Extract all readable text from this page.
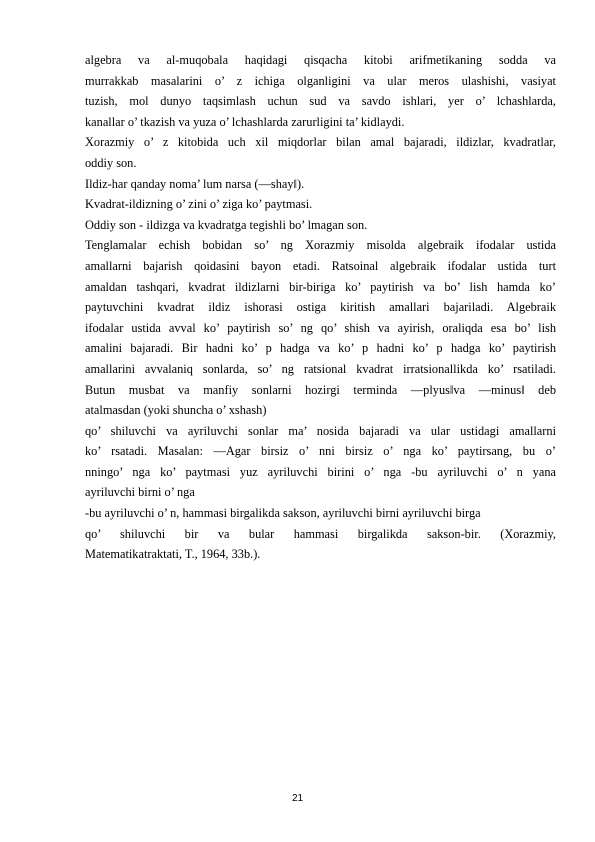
algebra va al-muqobala haqidagi qisqacha kitobi arifmetikaning sodda va
murrakkab masalarini o’ z ichiga olganligini va ular meros ulashishi, vasiyat
tuzish, mol dunyo taqsimlash uchun sud va savdo ishlari, yer o’ lchashlarda,
kanallar o’ tkazish va yuza o’ lchashlarda zarurligini ta’ kidlaydi.
Xorazmiy o’ z kitobida uch xil miqdorlar bilan amal bajaradi, ildizlar, kvadratlar,
oddiy son.
Ildiz-har qanday noma’ lum narsa (―shay‖).
Kvadrat-ildizning o’ zini o’ ziga ko’ paytmasi.
Oddiy son - ildizga va kvadratga tegishli bo’ lmagan son.
Tenglamalar echish bobidan so’ ng Xorazmiy misolda algebraik ifodalar ustida
amallarni bajarish qoidasini bayon etadi. Ratsoinal algebraik ifodalar ustida turt
amaldan tashqari, kvadrat ildizlarni bir-biriga ko’ paytirish va bo’ lish hamda ko’
paytuvchini kvadrat ildiz ishorasi ostiga kiritish amallari bajariladi. Algebraik
ifodalar ustida avval ko’ paytirish so’ ng qo’ shish va ayirish, oraliqda esa bo’ lish
amalini bajaradi. Bir hadni ko’ p hadga va ko’ p hadni ko’ p hadga ko’ paytirish
amallarini avvalaniq sonlarda, so’ ng ratsional kvadrat irratsionallikda ko’ rsatiladi.
Butun musbat va manfiy sonlarni hozirgi terminda ―plyus‖va ―minus‖ deb
atalmasdan (yoki shuncha o’ xshash)
qo’ shiluvchi va ayriluvchi sonlar ma’ nosida bajaradi va ular ustidagi amallarni
ko’ rsatadi. Masalan: ―Agar birsiz o’ nni birsiz o’ nga ko’ paytirsang, bu o’
nningo’ nga ko’ paytmasi yuz ayriluvchi birini o’ nga -bu ayriluvchi o’ n yana
ayriluvchi birni o’ nga
-bu ayriluvchi o’ n, hammasi birgalikda sakson, ayriluvchi birni ayriluvchi birga
qo’ shiluvchi bir va bular hammasi birgalikda sakson-bir. (Xorazmiy,
Matematikatraktati, T., 1964, 33b.).
21
